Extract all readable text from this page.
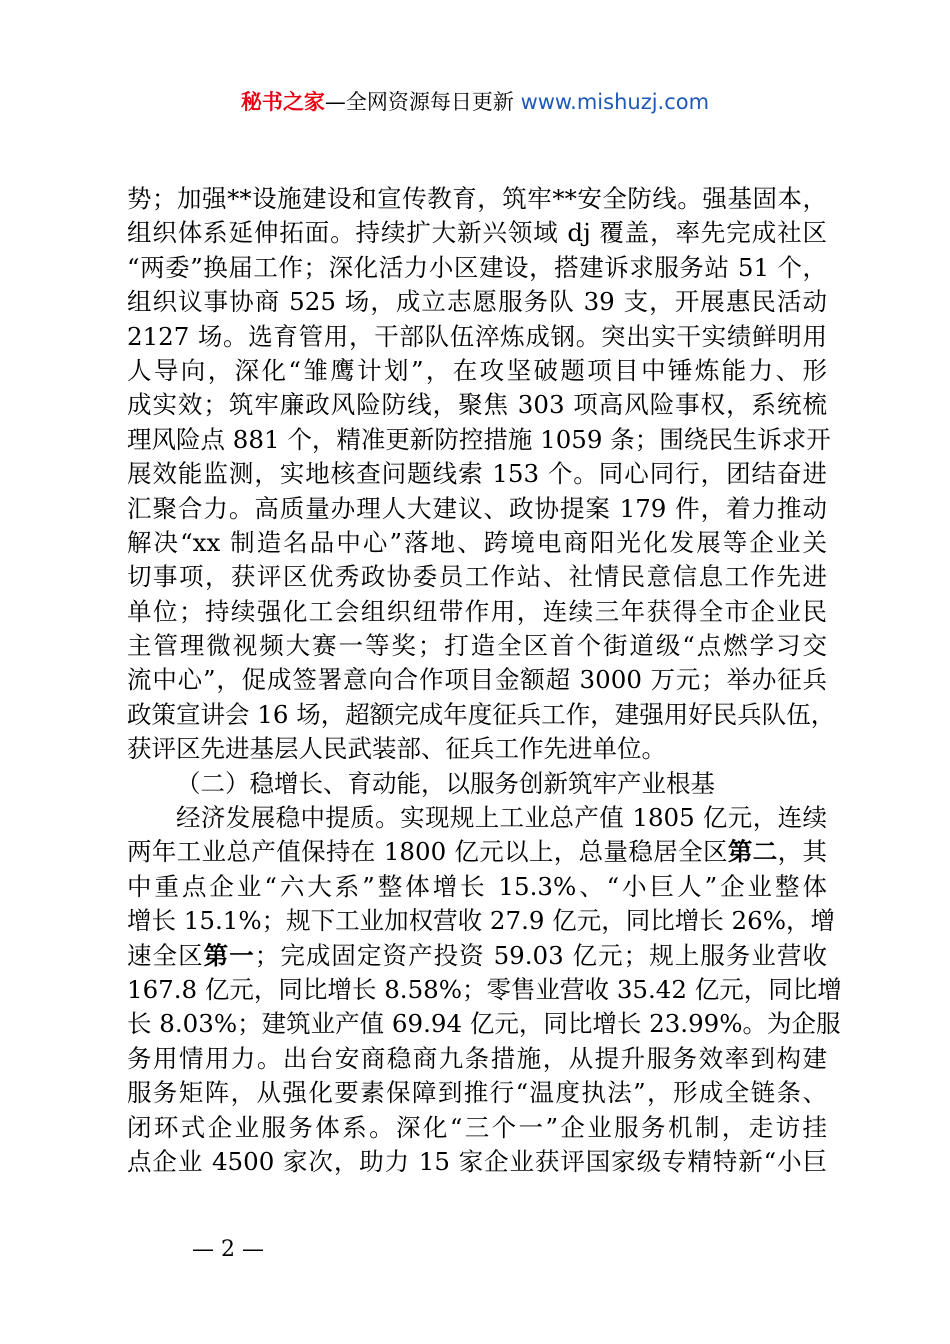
秘书之家—全网资源每日更新 www.mishuzj.com
势；加强**设施建设和宣传教育，筑牢**安全防线。强基固本，
组织体系延伸拓面。持续扩大新兴领域 dj 覆盖，率先完成社区
“两委”换届工作；深化活力小区建设，搭建诉求服务站 51 个，
组织议事协商 525 场，成立志愿服务队 39 支，开展惠民活动
2127 场。选育管用，干部队伍淬炼成钢。突出实干实绩鲜明用
人导向，深化“雏鹰计划”，在攻坚破题项目中锤炼能力、形
成实效；筑牢廉政风险防线，聚焦 303 项高风险事权，系统梳
理风险点 881 个，精准更新防控措施 1059 条；围绕民生诉求开
展效能监测，实地核查问题线索 153 个。同心同行，团结奋进
汇聚合力。高质量办理人大建议、政协提案 179 件，着力推动
解决“xx 制造名品中心”落地、跨境电商阳光化发展等企业关
切事项，获评区优秀政协委员工作站、社情民意信息工作先进
单位；持续强化工会组织纽带作用，连续三年获得全市企业民
主管理微视频大赛一等奖；打造全区首个街道级“点燃学习交
流中心”，促成签署意向合作项目金额超 3000 万元；举办征兵
政策宣讲会 16 场，超额完成年度征兵工作，建强用好民兵队伍，
获评区先进基层人民武装部、征兵工作先进单位。
（二）稳增长、育动能，以服务创新筑牢产业根基
经济发展稳中提质。实现规上工业总产值 1805 亿元，连续
两年工业总产值保持在 1800 亿元以上，总量稳居全区第二，其
中重点企业“六大系”整体增长 15.3%、“小巨人”企业整体
增长 15.1%；规下工业加权营收 27.9 亿元，同比增长 26%，增
速全区第一；完成固定资产投资 59.03 亿元；规上服务业营收
167.8 亿元，同比增长 8.58%；零售业营收 35.42 亿元，同比增
长 8.03%；建筑业产值 69.94 亿元，同比增长 23.99%。为企服
务用情用力。出台安商稳商九条措施，从提升服务效率到构建
服务矩阵，从强化要素保障到推行“温度执法”，形成全链条、
闭环式企业服务体系。深化“三个一”企业服务机制，走访挂
点企业 4500 家次，助力 15 家企业获评国家级专精特新“小巨
— 2 —
